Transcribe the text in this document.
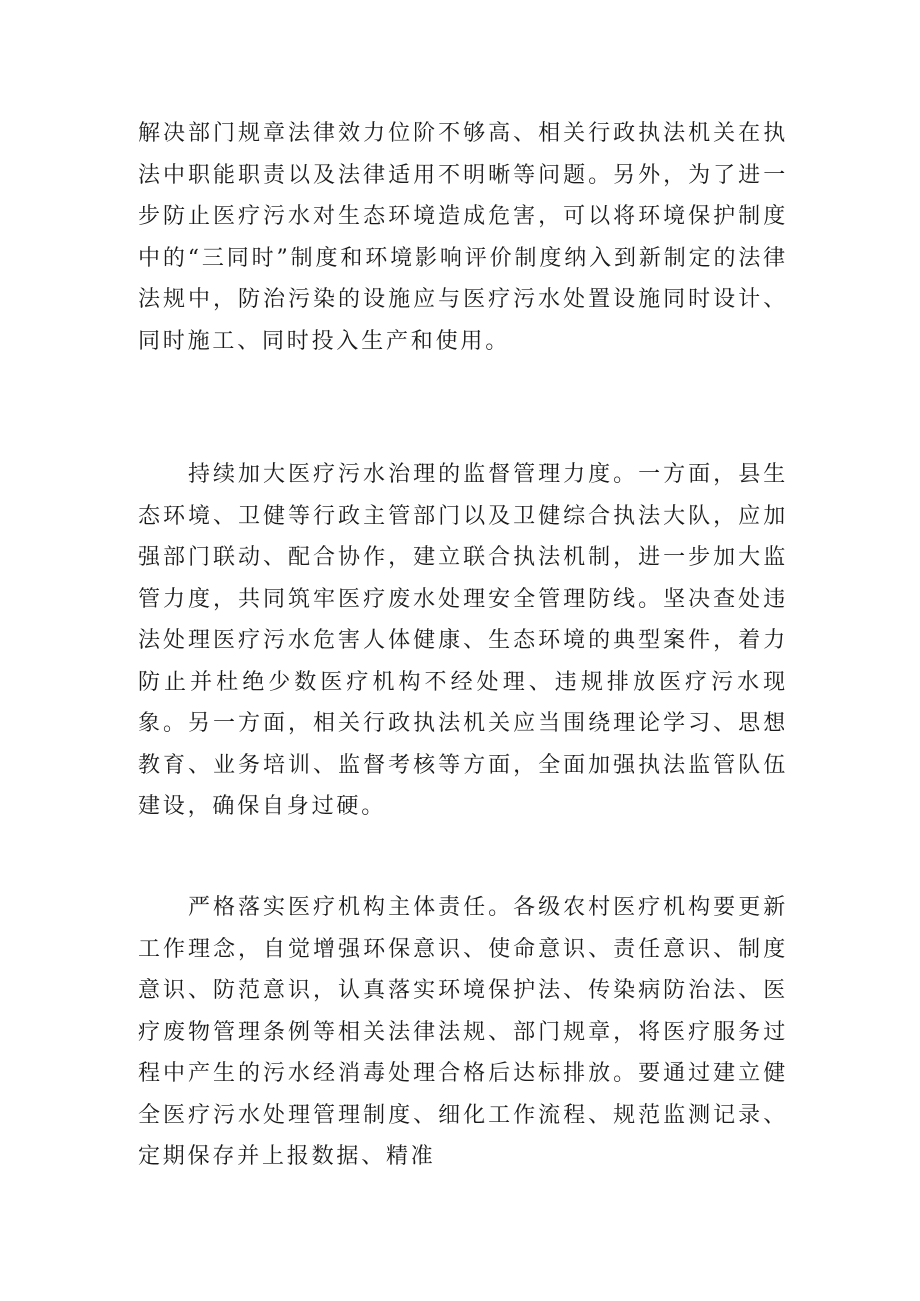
解决部门规章法律效力位阶不够高、相关行政执法机关在执法中职能职责以及法律适用不明晰等问题。另外，为了进一步防止医疗污水对生态环境造成危害，可以将环境保护制度中的“三同时”制度和环境影响评价制度纳入到新制定的法律法规中，防治污染的设施应与医疗污水处置设施同时设计、同时施工、同时投入生产和使用。

持续加大医疗污水治理的监督管理力度。一方面，县生态环境、卫健等行政主管部门以及卫健综合执法大队，应加强部门联动、配合协作，建立联合执法机制，进一步加大监管力度，共同筑牢医疗废水处理安全管理防线。坚决查处违法处理医疗污水危害人体健康、生态环境的典型案件，着力防止并杜绝少数医疗机构不经处理、违规排放医疗污水现象。另一方面，相关行政执法机关应当围绕理论学习、思想教育、业务培训、监督考核等方面，全面加强执法监管队伍建设，确保自身过硬。

严格落实医疗机构主体责任。各级农村医疗机构要更新工作理念，自觉增强环保意识、使命意识、责任意识、制度意识、防范意识，认真落实环境保护法、传染病防治法、医疗废物管理条例等相关法律法规、部门规章，将医疗服务过程中产生的污水经消毒处理合格后达标排放。要通过建立健全医疗污水处理管理制度、细化工作流程、规范监测记录、定期保存并上报数据、精准
